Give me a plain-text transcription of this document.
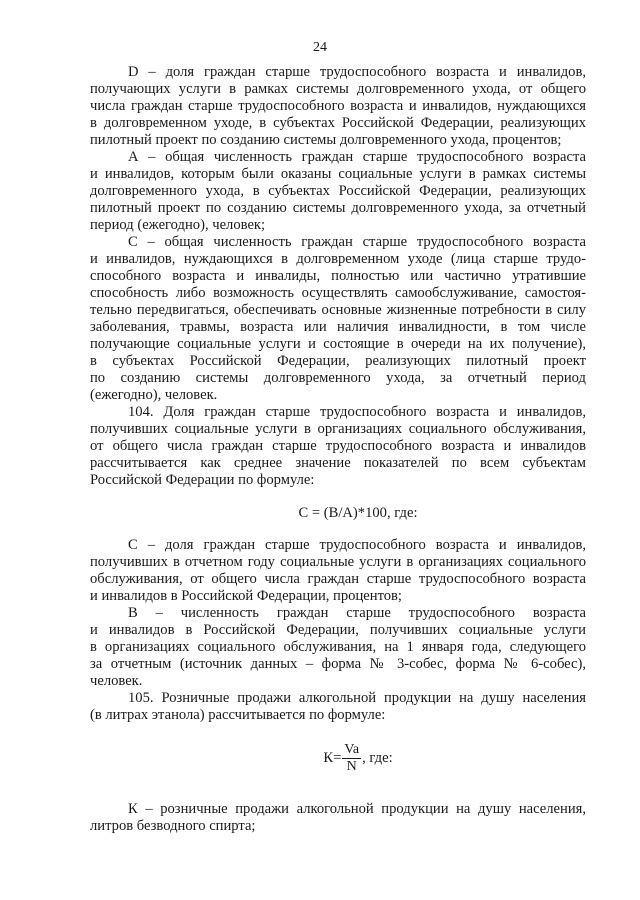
24
D – доля граждан старше трудоспособного возраста и инвалидов,
получающих услуги в рамках системы долговременного ухода, от общего
числа граждан старше трудоспособного возраста и инвалидов, нуждающихся
в долговременном уходе, в субъектах Российской Федерации, реализующих
пилотный проект по созданию системы долговременного ухода, процентов;
А – общая численность граждан старше трудоспособного возраста
и инвалидов, которым были оказаны социальные услуги в рамках системы
долговременного ухода, в субъектах Российской Федерации, реализующих
пилотный проект по созданию системы долговременного ухода, за отчетный
период (ежегодно), человек;
С – общая численность граждан старше трудоспособного возраста
и инвалидов, нуждающихся в долговременном уходе (лица старше трудо-
способного возраста и инвалиды, полностью или частично утратившие
способность либо возможность осуществлять самообслуживание, самостоя-
тельно передвигаться, обеспечивать основные жизненные потребности в силу
заболевания, травмы, возраста или наличия инвалидности, в том числе
получающие социальные услуги и состоящие в очереди на их получение),
в субъектах Российской Федерации, реализующих пилотный проект
по созданию системы долговременного ухода, за отчетный период
(ежегодно), человек.
104. Доля граждан старше трудоспособного возраста и инвалидов,
получивших социальные услуги в организациях социального обслуживания,
от общего числа граждан старше трудоспособного возраста и инвалидов
рассчитывается как среднее значение показателей по всем субъектам
Российской Федерации по формуле:
С = (В/А)*100, где:
С – доля граждан старше трудоспособного возраста и инвалидов,
получивших в отчетном году социальные услуги в организациях социального
обслуживания, от общего числа граждан старше трудоспособного возраста
и инвалидов в Российской Федерации, процентов;
В – численность граждан старше трудоспособного возраста
и инвалидов в Российской Федерации, получивших социальные услуги
в организациях социального обслуживания, на 1 января года, следующего
за отчетным (источник данных – форма № 3-собес, форма № 6-собес),
человек.
105. Розничные продажи алкогольной продукции на душу населения
(в литрах этанола) рассчитывается по формуле:
$К= \frac{Va}{N}$ , где:
К – розничные продажи алкогольной продукции на душу населения,
литров безводного спирта;
